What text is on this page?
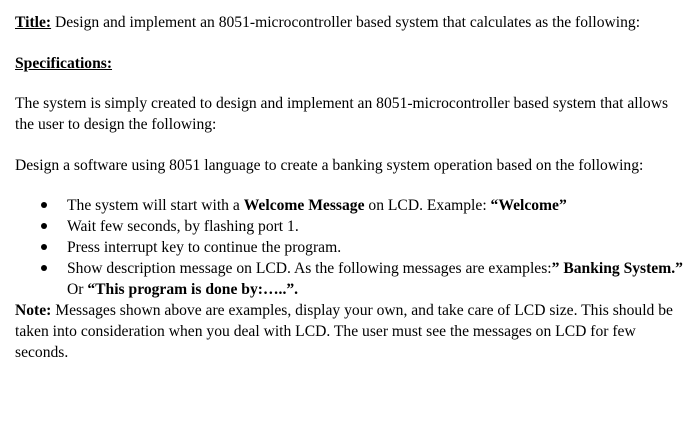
Title: Design and implement an 8051-microcontroller based system that calculates as the following:

Specifications:

The system is simply created to design and implement an 8051-microcontroller based system that allows the user to design the following:

Design a software using 8051 language to create a banking system operation based on the following:

The system will start with a Welcome Message on LCD. Example: “Welcome”
Wait few seconds, by flashing port 1.
Press interrupt key to continue the program.
Show description message on LCD. As the following messages are examples:” Banking System.” Or “This program is done by:…..”.

Note: Messages shown above are examples, display your own, and take care of LCD size. This should be taken into consideration when you deal with LCD. The user must see the messages on LCD for few seconds.
